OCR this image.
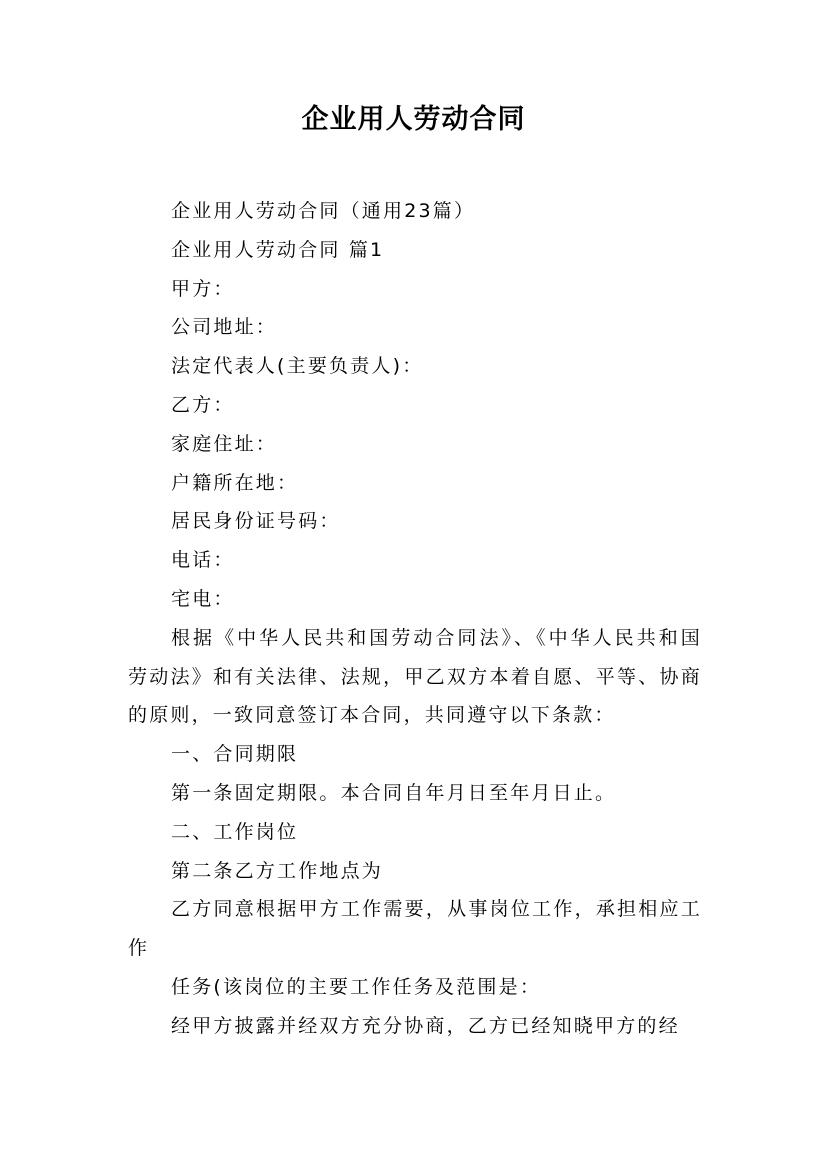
企业用人劳动合同

企业用人劳动合同（通用23篇）

企业用人劳动合同 篇1

甲方：

公司地址：

法定代表人(主要负责人)：

乙方：

家庭住址：

户籍所在地：

居民身份证号码：

电话：

宅电：

根据《中华人民共和国劳动合同法》、《中华人民共和国劳动法》和有关法律、法规，甲乙双方本着自愿、平等、协商的原则，一致同意签订本合同，共同遵守以下条款：

一、合同期限

第一条固定期限。本合同自年月日至年月日止。

二、工作岗位

第二条乙方工作地点为

乙方同意根据甲方工作需要，从事岗位工作，承担相应工作

任务(该岗位的主要工作任务及范围是：

经甲方披露并经双方充分协商，乙方已经知晓甲方的经
